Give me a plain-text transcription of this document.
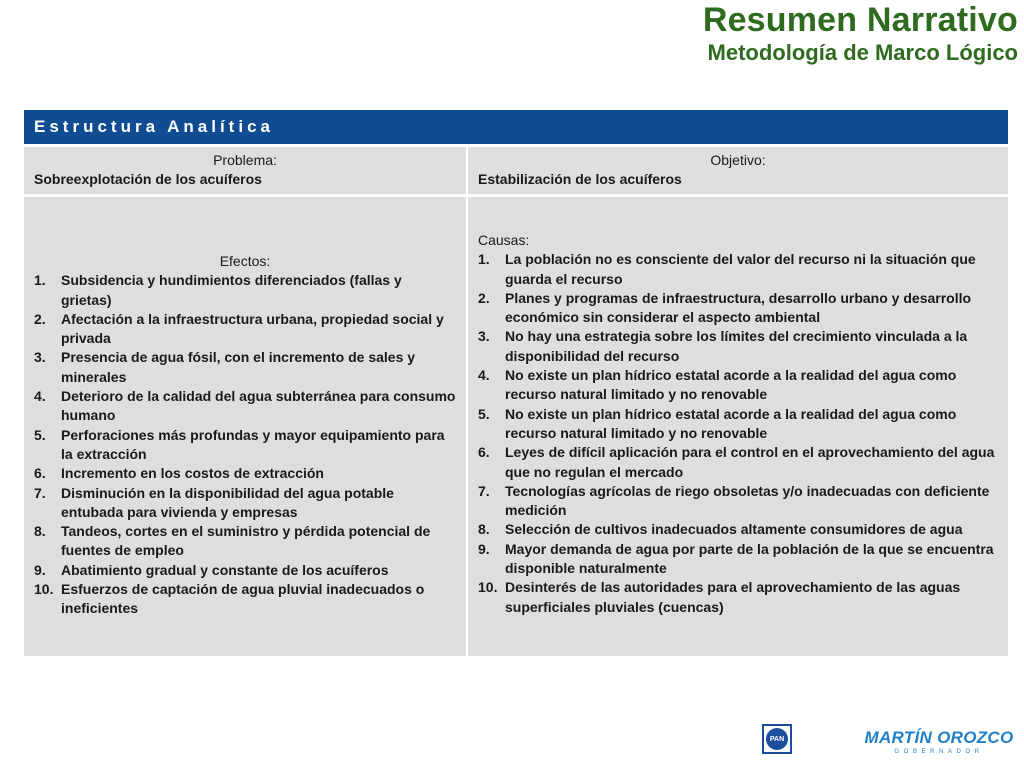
Resumen Narrativo
Metodología de Marco Lógico
Estructura Analítica
Problema:
Sobreexplotación de los acuíferos
Objetivo:
Estabilización de los acuíferos
Efectos:
1. Subsidencia y hundimientos diferenciados (fallas y grietas)
2. Afectación a la infraestructura urbana, propiedad social y privada
3. Presencia de agua fósil, con el incremento de sales y minerales
4. Deterioro de la calidad del agua subterránea para consumo humano
5. Perforaciones más profundas y mayor equipamiento para la extracción
6. Incremento en los costos de extracción
7. Disminución en la disponibilidad del agua potable entubada para vivienda y empresas
8. Tandeos, cortes en el suministro y pérdida potencial de fuentes de empleo
9. Abatimiento gradual y constante de los acuíferos
10. Esfuerzos de captación de agua pluvial inadecuados o ineficientes
Causas:
1. La población no es consciente del valor del recurso ni la situación que guarda el recurso
2. Planes y programas de infraestructura, desarrollo urbano y desarrollo económico sin considerar el aspecto ambiental
3. No hay una estrategia sobre los límites del crecimiento vinculada a la disponibilidad del recurso
4. No existe un plan hídrico estatal acorde a la realidad del agua como recurso natural limitado y no renovable
5. No existe un plan hídrico estatal acorde a la realidad del agua como recurso natural limitado y no renovable
6. Leyes de difícil aplicación para el control en el aprovechamiento del agua que no regulan el mercado
7. Tecnologías agrícolas de riego obsoletas y/o inadecuadas con deficiente medición
8. Selección de cultivos inadecuados altamente consumidores de agua
9. Mayor demanda de agua por parte de la población de la que se encuentra disponible naturalmente
10. Desinterés de las autoridades para el aprovechamiento de las aguas superficiales pluviales (cuencas)
PAN	MARTÍN OROZCO
GOBERNADOR
